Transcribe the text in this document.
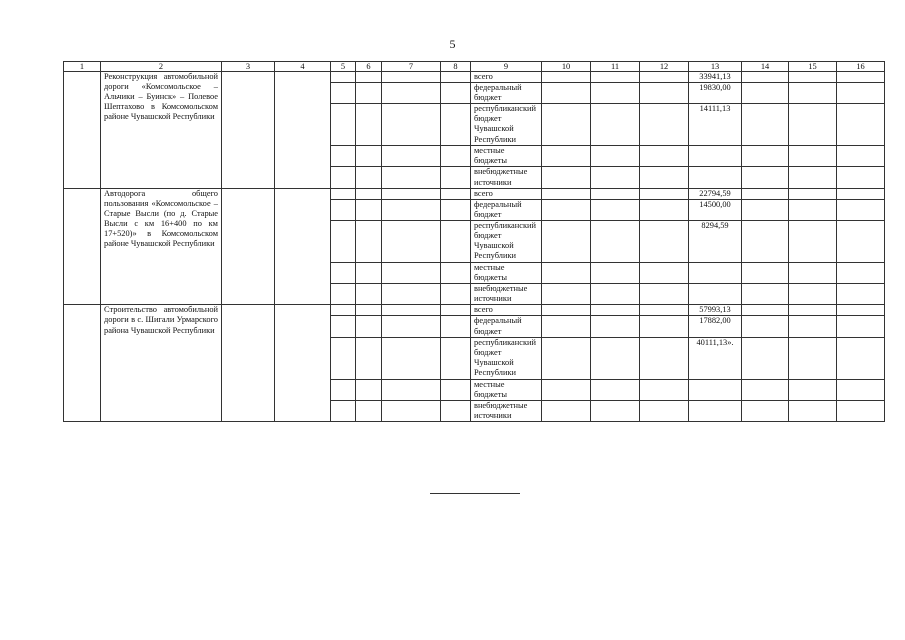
5
1	2	3	4	5	6	7	8	9	10	11	12	13	14	15	16
	Реконструкция автомобильной дороги «Комсомольское – Альчики – Буинск» – Полевое Шептахово в Комсомольском районе Чувашской Республики							всего				33941,13			
								федеральный бюджет				19830,00			
								республиканский бюджет Чувашской Республики				14111,13			
								местные бюджеты							
								внебюджетные источники							
	Автодорога общего пользования «Комсомольское – Старые Высли (по д. Старые Высли с км 16+400 по км 17+520)» в Комсомольском районе Чувашской Республики							всего				22794,59			
								федеральный бюджет				14500,00			
								республиканский бюджет Чувашской Республики				8294,59			
								местные бюджеты							
								внебюджетные источники							
	Строительство автомобильной дороги в с. Шигали Урмарского района Чувашской Республики							всего				57993,13			
								федеральный бюджет				17882,00			
								республиканский бюджет Чувашской Республики				40111,13».			
								местные бюджеты							
								внебюджетные источники							
